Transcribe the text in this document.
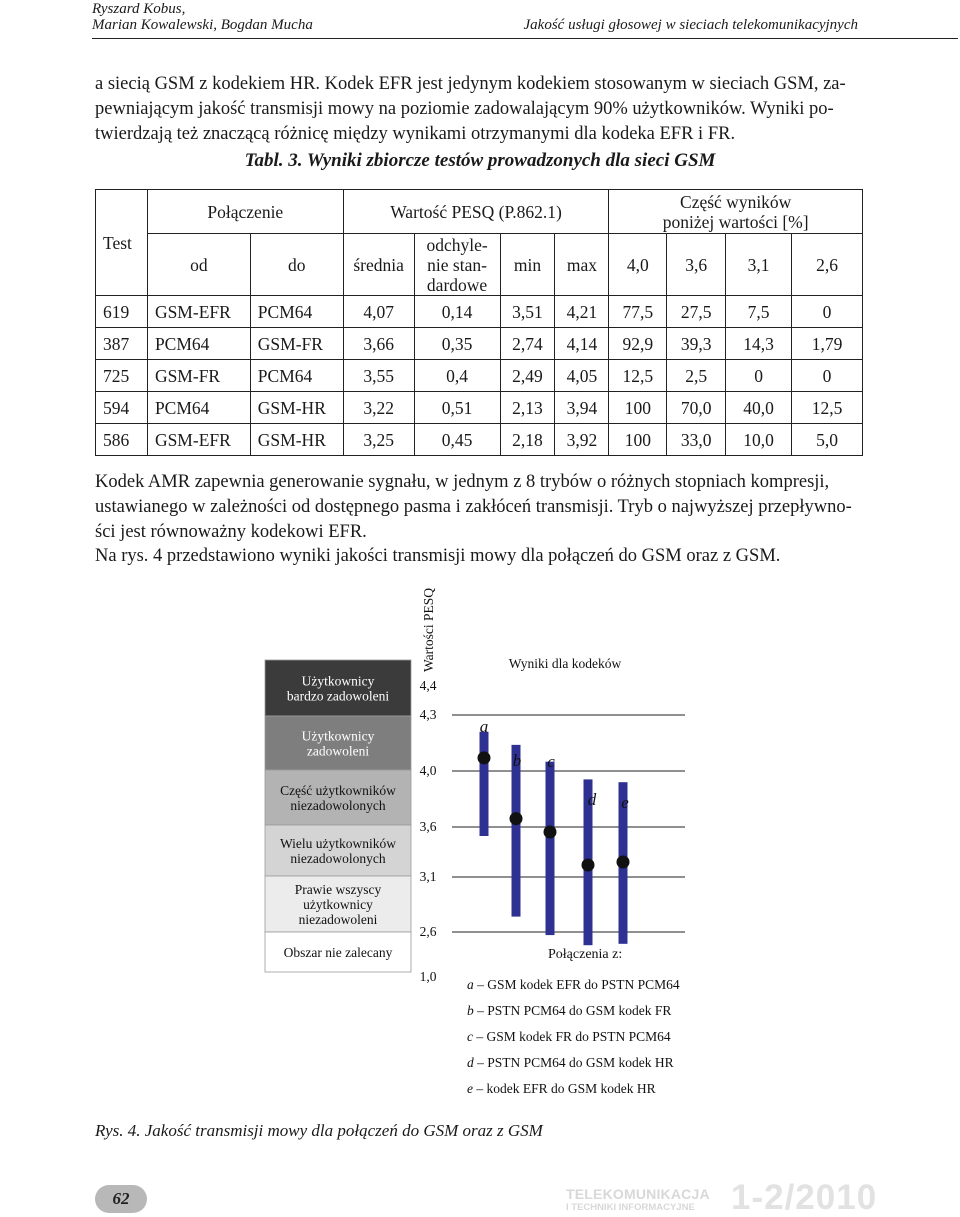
Ryszard Kobus,
Marian Kowalewski, Bogdan Mucha	Jakość usługi głosowej w sieciach telekomunikacyjnych

a siecią GSM z kodekiem HR. Kodek EFR jest jedynym kodekiem stosowanym w sieciach GSM, za-

pewniającym jakość transmisji mowy na poziomie zadowalającym 90% użytkowników. Wyniki po-

twierdzają też znaczącą różnicę między wynikami otrzymanymi dla kodeka EFR i FR.

Tabl. 3. Wyniki zbiorcze testów prowadzonych dla sieci GSM
Test	Połączenie		Wartość PESQ (P.862.1)				Część wyników
poniżej wartości [%]			

	od	do	średnia	odchyle-
nie stan-
dardowe	min	max	4,0	3,6	3,1	2,6
619	GSM-EFR	PCM64	4,07	0,14	3,51	4,21	77,5	27,5	7,5	0
387	PCM64	GSM-FR	3,66	0,35	2,74	4,14	92,9	39,3	14,3	1,79
725	GSM-FR	PCM64	3,55	0,4	2,49	4,05	12,5	2,5	0	0
594	PCM64	GSM-HR	3,22	0,51	2,13	3,94	100	70,0	40,0	12,5
586	GSM-EFR	GSM-HR	3,25	0,45	2,18	3,92	100	33,0	10,0	5,0

Kodek AMR zapewnia generowanie sygnału, w jednym z 8 trybów o różnych stopniach kompresji,

ustawianego w zależności od dostępnego pasma i zakłóceń transmisji. Tryb o najwyższej przepływno-

ści jest równoważny kodekowi EFR.

Na rys. 4 przedstawiono wyniki jakości transmisji mowy dla połączeń do GSM oraz z GSM.

Użytkownicy
bardzo zadowoleni
Użytkownicy
zadowoleni
Część użytkowników
niezadowolonych
Wielu użytkowników
niezadowolonych
Prawie wszyscy
użytkownicy
niezadowoleni
Obszar nie zalecany
Wartości PESQ	Wyniki dla kodeków
4,4
4,3
4,0
3,6
3,1
2,6
1,0
a
b c
d e
Połączenia z:
a – GSM kodek EFR do PSTN PCM64
b – PSTN PCM64 do GSM kodek FR
c – GSM kodek FR do PSTN PCM64
d – PSTN PCM64 do GSM kodek HR
e – kodek EFR do GSM kodek HR
Rys. 4. Jakość transmisji mowy dla połączeń do GSM oraz z GSM
62	TELEKOMUNIKACJA
I TECHNIKI INFORMACYJNE 1-2/2010
